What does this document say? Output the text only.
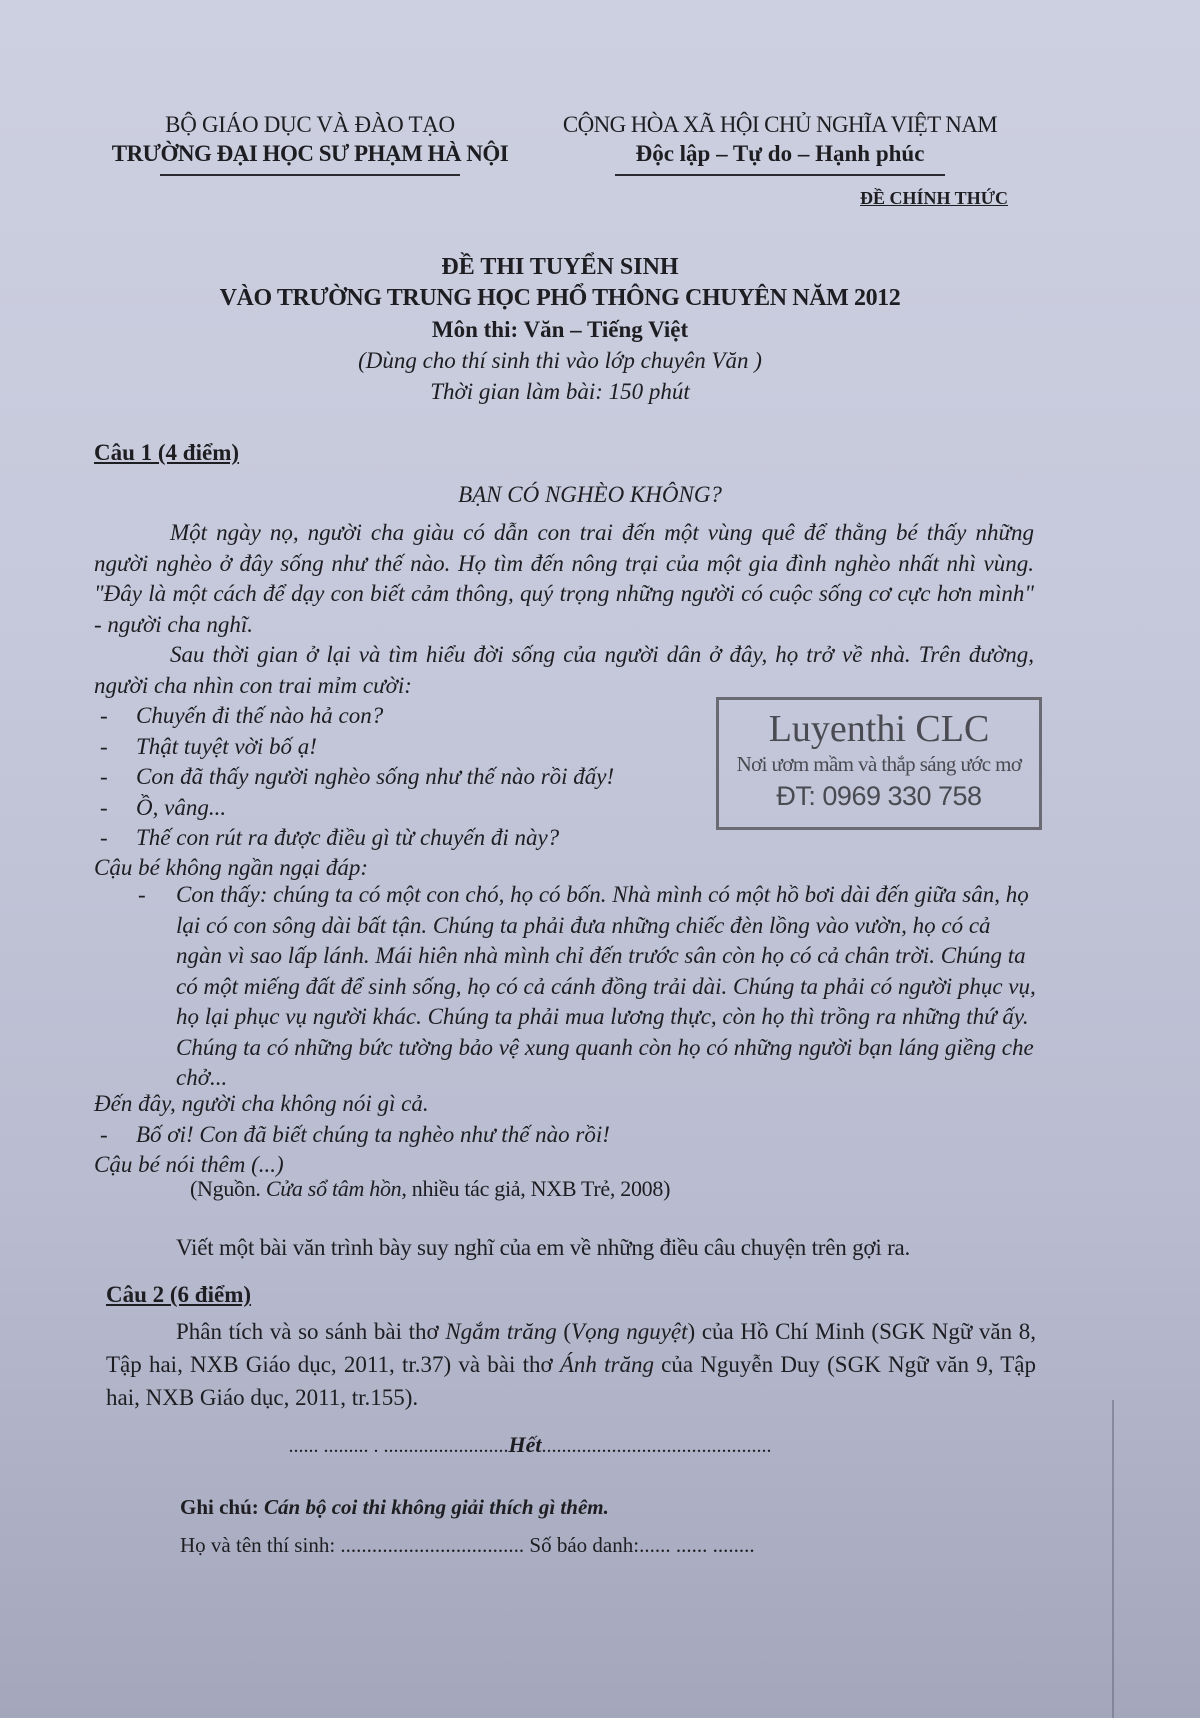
BỘ GIÁO DỤC VÀ ĐÀO TẠO
TRƯỜNG ĐẠI HỌC SƯ PHẠM HÀ NỘI
CỘNG HÒA XÃ HỘI CHỦ NGHĨA VIỆT NAM
Độc lập – Tự do – Hạnh phúc
ĐỀ CHÍNH THỨC
ĐỀ THI TUYỂN SINH
VÀO TRƯỜNG TRUNG HỌC PHỔ THÔNG CHUYÊN NĂM 2012
Môn thi: Văn – Tiếng Việt
(Dùng cho thí sinh thi vào lớp chuyên Văn )
Thời gian làm bài: 150 phút
Câu 1 (4 điểm)
BẠN CÓ NGHÈO KHÔNG?
Một ngày nọ, người cha giàu có dẫn con trai đến một vùng quê để thằng bé thấy những người nghèo ở đây sống như thế nào. Họ tìm đến nông trại của một gia đình nghèo nhất nhì vùng. "Đây là một cách để dạy con biết cảm thông, quý trọng những người có cuộc sống cơ cực hơn mình" - người cha nghĩ.
Sau thời gian ở lại và tìm hiểu đời sống của người dân ở đây, họ trở về nhà. Trên đường, người cha nhìn con trai mỉm cười:
- Chuyến đi thế nào hả con?
- Thật tuyệt vời bố ạ!
- Con đã thấy người nghèo sống như thế nào rồi đấy!
- Ồ, vâng...
- Thế con rút ra được điều gì từ chuyến đi này?
Luyenthi CLC
Nơi ươm mầm và thắp sáng ước mơ
ĐT: 0969 330 758
Cậu bé không ngần ngại đáp:
- Con thấy: chúng ta có một con chó, họ có bốn. Nhà mình có một hồ bơi dài đến giữa sân, họ lại có con sông dài bất tận. Chúng ta phải đưa những chiếc đèn lồng vào vườn, họ có cả ngàn vì sao lấp lánh. Mái hiên nhà mình chỉ đến trước sân còn họ có cả chân trời. Chúng ta có một miếng đất để sinh sống, họ có cả cánh đồng trải dài. Chúng ta phải có người phục vụ, họ lại phục vụ người khác. Chúng ta phải mua lương thực, còn họ thì trồng ra những thứ ấy. Chúng ta có những bức tường bảo vệ xung quanh còn họ có những người bạn láng giềng che chở...
Đến đây, người cha không nói gì cả.
- Bố ơi! Con đã biết chúng ta nghèo như thế nào rồi!
Cậu bé nói thêm (...)
(Nguồn. Cửa sổ tâm hồn, nhiều tác giả, NXB Trẻ, 2008)
Viết một bài văn trình bày suy nghĩ của em về những điều câu chuyện trên gợi ra.
Câu 2 (6 điểm)
Phân tích và so sánh bài thơ Ngắm trăng (Vọng nguyệt) của Hồ Chí Minh (SGK Ngữ văn 8, Tập hai, NXB Giáo dục, 2011, tr.37) và bài thơ Ánh trăng của Nguyễn Duy (SGK Ngữ văn 9, Tập hai, NXB Giáo dục, 2011, tr.155).
...... ......... . .........................Hết..............................................
Ghi chú: Cán bộ coi thi không giải thích gì thêm.
Họ và tên thí sinh: ................................... Số báo danh:...... ...... ........
